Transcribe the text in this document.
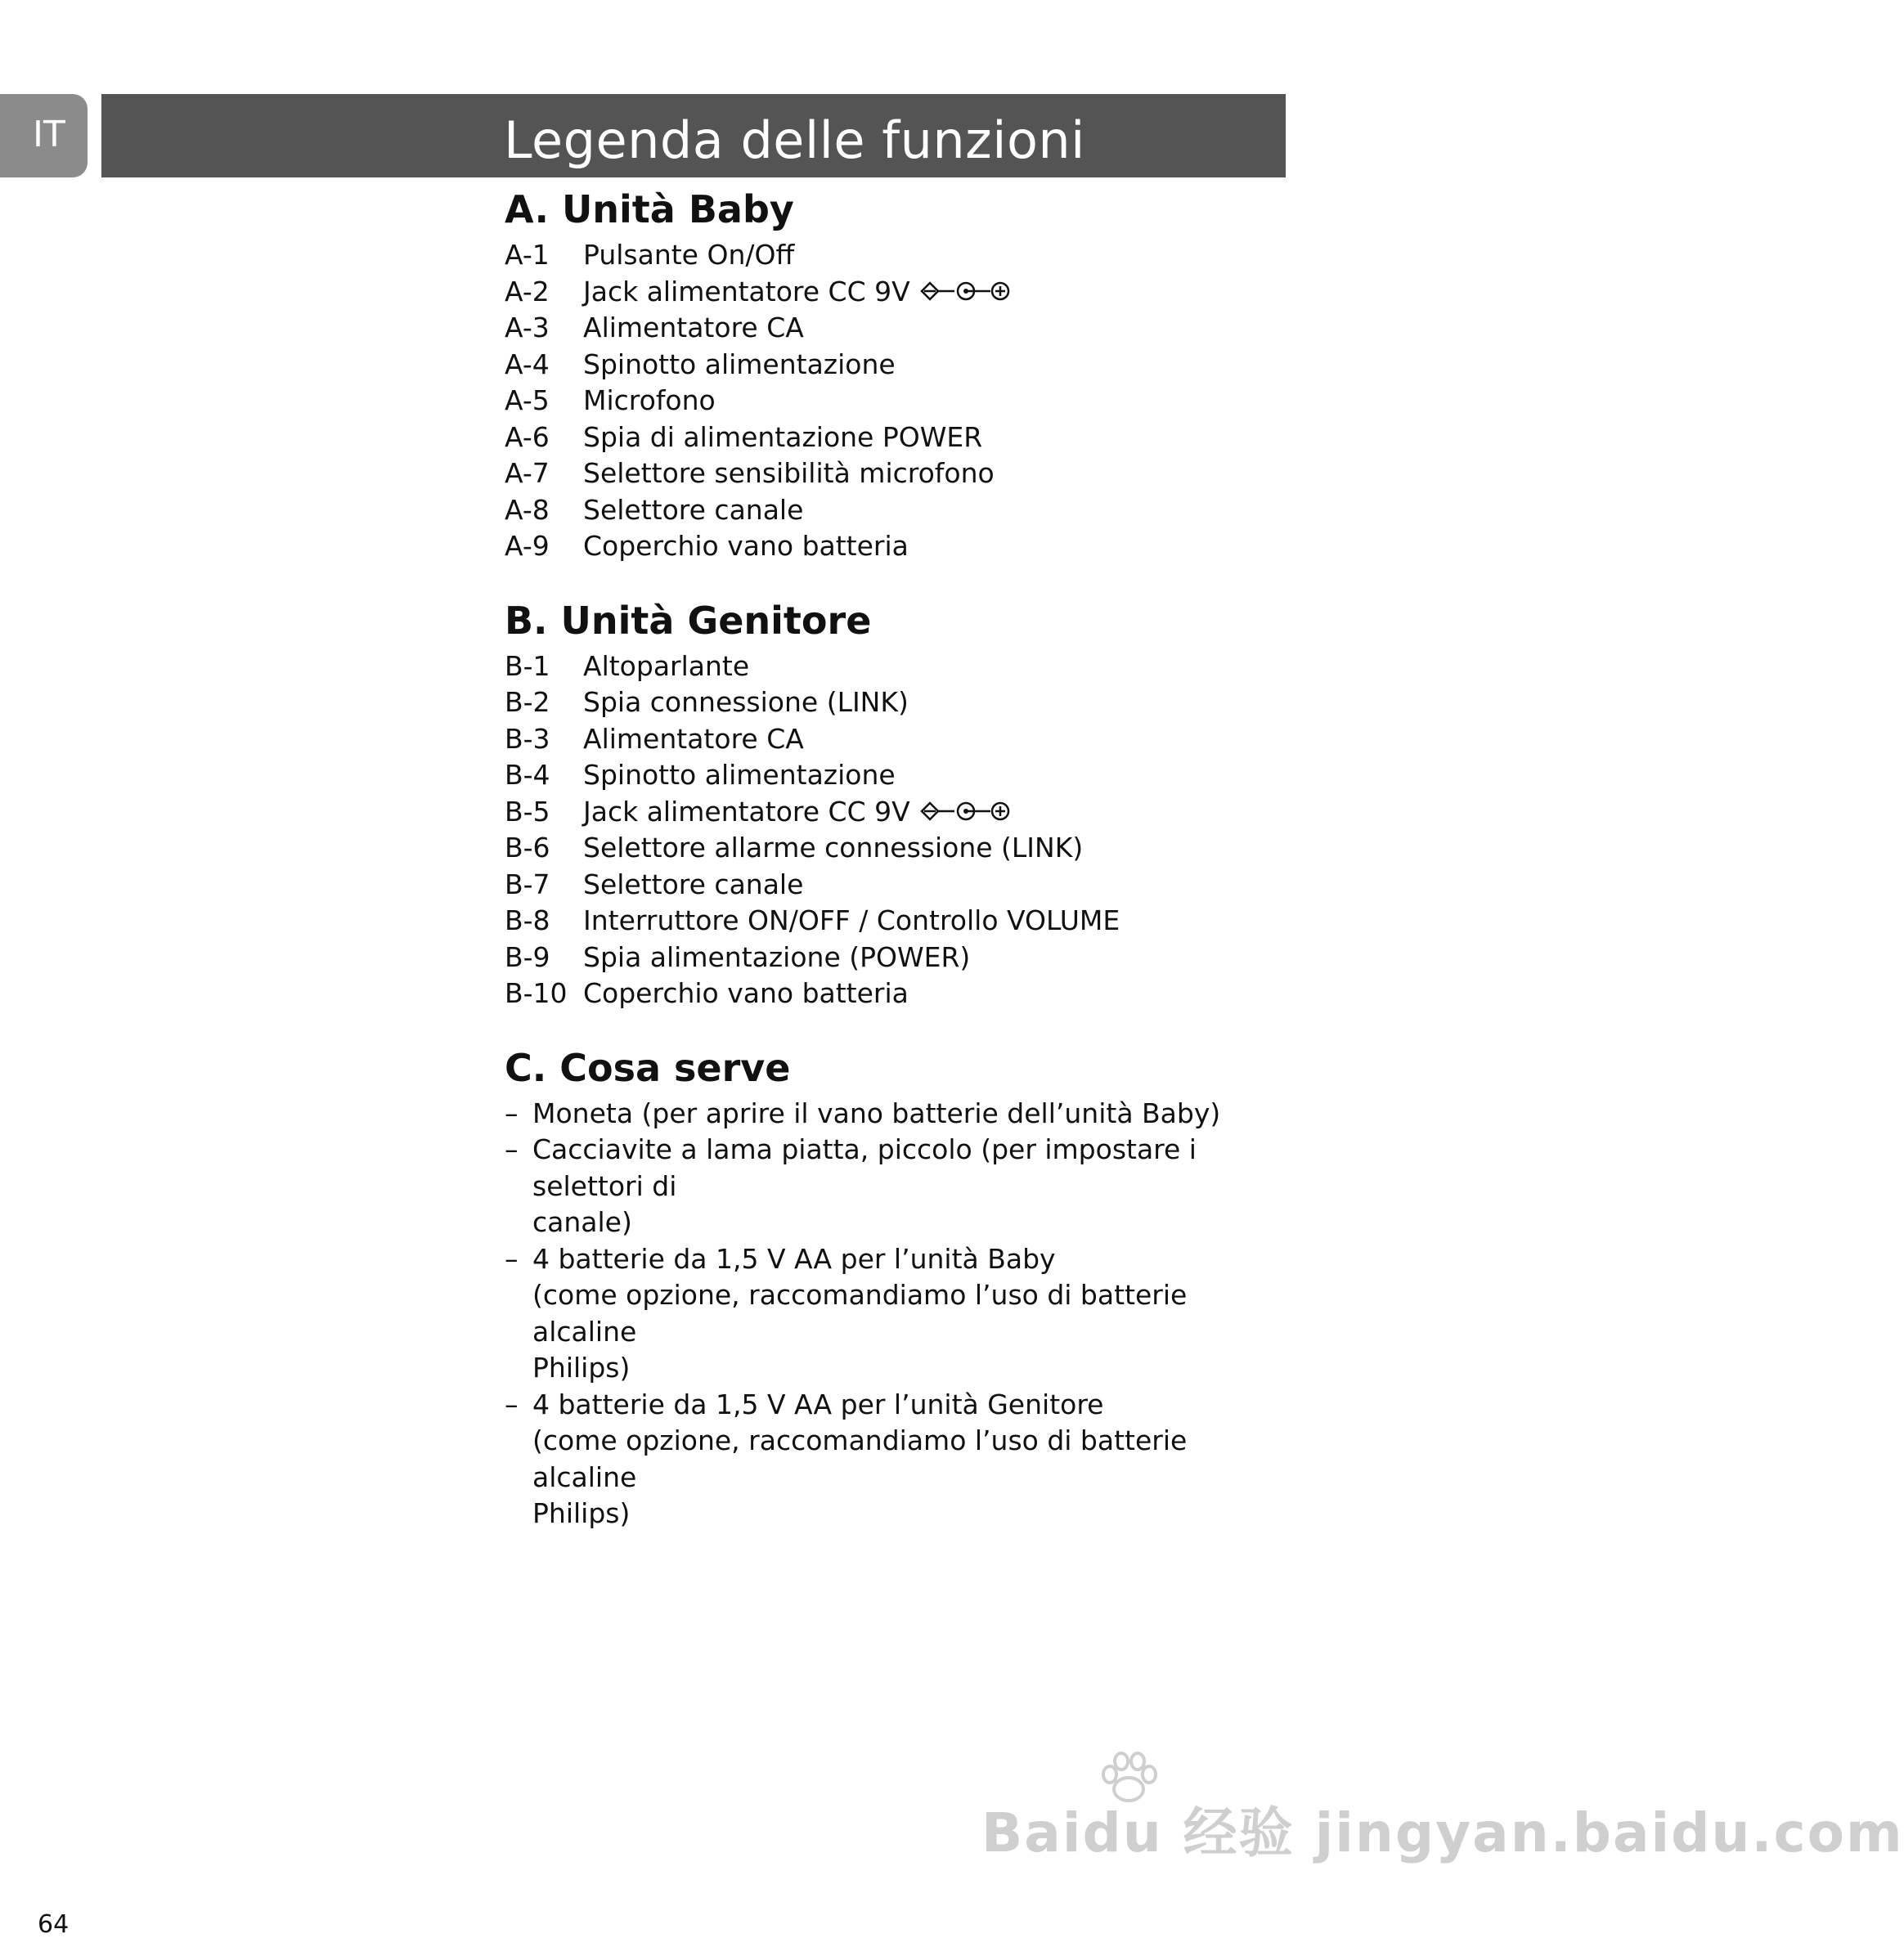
IT	Legenda delle funzioni
A. Unità Baby
A-1	Pulsante On/Off
A-2	Jack alimentatore CC 9V
A-3	Alimentatore CA
A-4	Spinotto alimentazione
A-5	Microfono
A-6	Spia di alimentazione POWER
A-7	Selettore sensibilità microfono
A-8	Selettore canale
A-9	Coperchio vano batteria
B. Unità Genitore
B-1	Altoparlante
B-2	Spia connessione (LINK)
B-3	Alimentatore CA
B-4	Spinotto alimentazione
B-5	Jack alimentatore CC 9V
B-6	Selettore allarme connessione (LINK)
B-7	Selettore canale
B-8	Interruttore ON/OFF / Controllo VOLUME
B-9	Spia alimentazione (POWER)
B-10 Coperchio vano batteria
C. Cosa serve
– Moneta (per aprire il vano batterie dell’unità Baby)
– Cacciavite a lama piatta, piccolo (per impostare i selettori di
canale)
– 4 batterie da 1,5 V AA per l’unità Baby
(come opzione, raccomandiamo l’uso di batterie alcaline
Philips)
– 4 batterie da 1,5 V AA per l’unità Genitore
(come opzione, raccomandiamo l’uso di batterie alcaline
Philips)
Baidu 经验 jingyan.baidu.com
64
